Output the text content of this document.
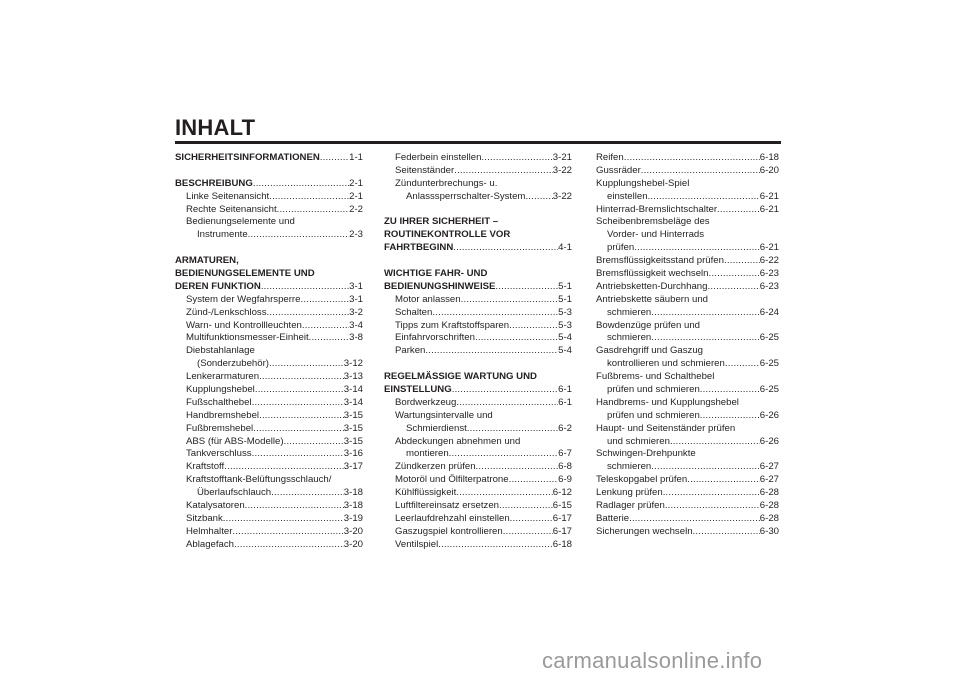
INHALT
SICHERHEITSINFORMATIONEN .....	1-1
BESCHREIBUNG .....	2-1
Linke Seitenansicht .....	2-1
Rechte Seitenansicht .....	2-2
Bedienungselemente und
Instrumente .....	2-3
ARMATUREN,
BEDIENUNGSELEMENTE UND
DEREN FUNKTION .....	3-1
System der Wegfahrsperre .....	3-1
Zünd-/Lenkschloss .....	3-2
Warn- und Kontrollleuchten .....	3-4
Multifunktionsmesser-Einheit .....	3-8
Diebstahlanlage
(Sonderzubehör) .....	3-12
Lenkerarmaturen .....	3-13
Kupplungshebel .....	3-14
Fußschalthebel .....	3-14
Handbremshebel .....	3-15
Fußbremshebel .....	3-15
ABS (für ABS-Modelle) .....	3-15
Tankverschluss .....	3-16
Kraftstoff .....	3-17
Kraftstofftank-Belüftungsschlauch/
Überlaufschlauch .....	3-18
Katalysatoren .....	3-18
Sitzbank .....	3-19
Helmhalter .....	3-20
Ablagefach .....	3-20
Federbein einstellen .....	3-21
Seitenständer .....	3-22
Zündunterbrechungs- u.
Anlasssperrschalter-System .....	3-22
ZU IHRER SICHERHEIT –
ROUTINEKONTROLLE VOR
FAHRTBEGINN .....	4-1
WICHTIGE FAHR- UND
BEDIENUNGSHINWEISE .....	5-1
Motor anlassen .....	5-1
Schalten .....	5-3
Tipps zum Kraftstoffsparen .....	5-3
Einfahrvorschriften .....	5-4
Parken .....	5-4
REGELMÄSSIGE WARTUNG UND
EINSTELLUNG .....	6-1
Bordwerkzeug .....	6-1
Wartungsintervalle und
Schmierdienst .....	6-2
Abdeckungen abnehmen und
montieren .....	6-7
Zündkerzen prüfen .....	6-8
Motoröl und Ölfilterpatrone .....	6-9
Kühlflüssigkeit .....	6-12
Luftfiltereinsatz ersetzen .....	6-15
Leerlaufdrehzahl einstellen .....	6-17
Gaszugspiel kontrollieren .....	6-17
Ventilspiel .....	6-18
Reifen .....	6-18
Gussräder .....	6-20
Kupplungshebel-Spiel
einstellen .....	6-21
Hinterrad-Bremslichtschalter .....	6-21
Scheibenbremsbeläge des
Vorder- und Hinterrads
prüfen .....	6-21
Bremsflüssigkeitsstand prüfen .....	6-22
Bremsflüssigkeit wechseln .....	6-23
Antriebsketten-Durchhang .....	6-23
Antriebskette säubern und
schmieren .....	6-24
Bowdenzüge prüfen und
schmieren .....	6-25
Gasdrehgriff und Gaszug
kontrollieren und schmieren .....	6-25
Fußbrems- und Schalthebel
prüfen und schmieren .....	6-25
Handbrems- und Kupplungshebel
prüfen und schmieren .....	6-26
Haupt- und Seitenständer prüfen
und schmieren .....	6-26
Schwingen-Drehpunkte
schmieren .....	6-27
Teleskopgabel prüfen .....	6-27
Lenkung prüfen .....	6-28
Radlager prüfen .....	6-28
Batterie .....	6-28
Sicherungen wechseln .....	6-30
carmanualsonline.info
